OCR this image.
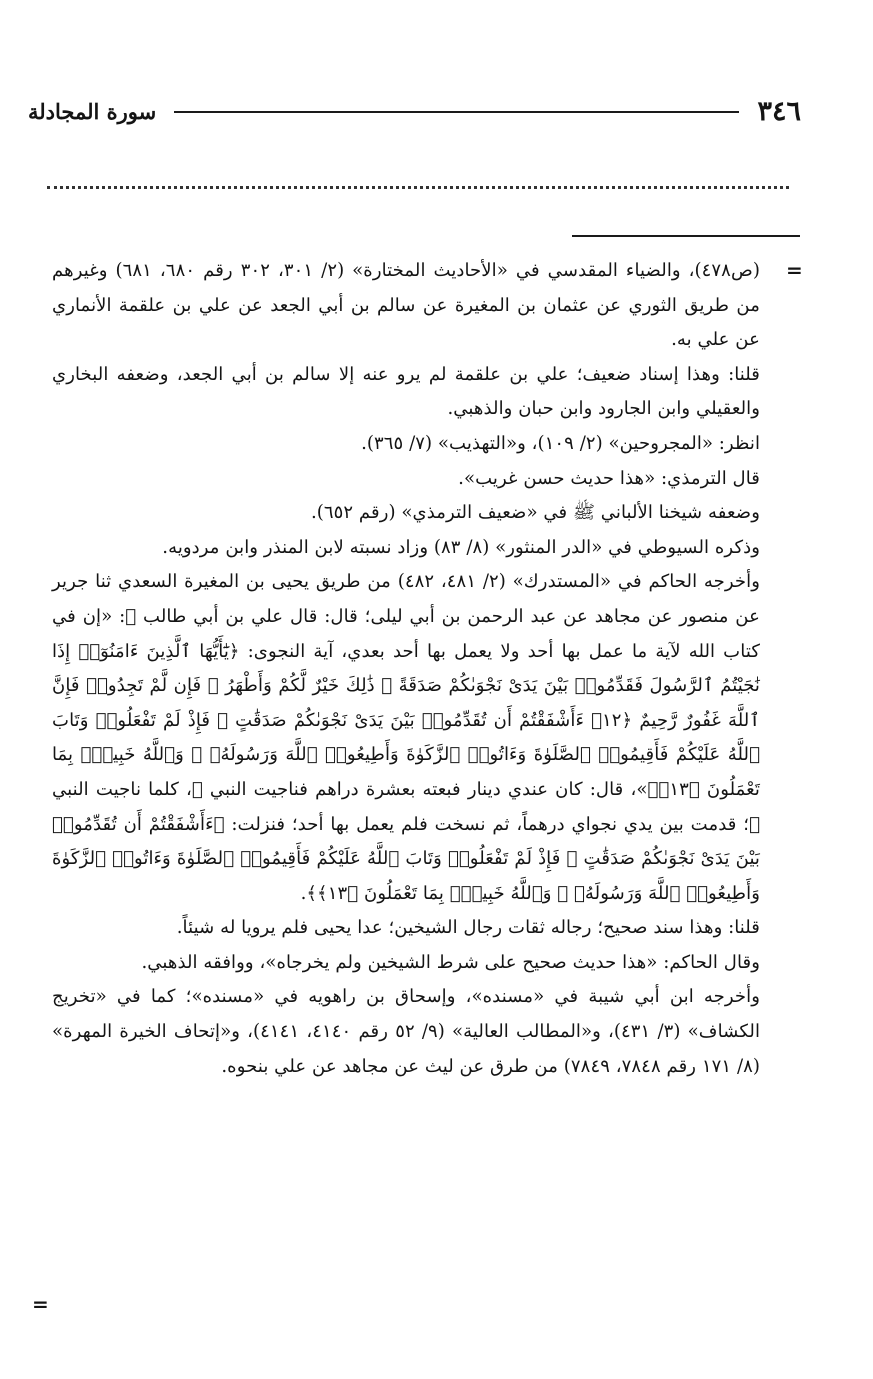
٣٤٦
سورة المجادلة
=

(ص٤٧٨)، والضياء المقدسي في «الأحاديث المختارة» (٢/ ٣٠١، ٣٠٢ رقم ٦٨٠، ٦٨١) وغيرهم من طريق الثوري عن عثمان بن المغيرة عن سالم بن أبي الجعد عن علي بن علقمة الأنماري عن علي به.

قلنا: وهذا إسناد ضعيف؛ علي بن علقمة لم يرو عنه إلا سالم بن أبي الجعد، وضعفه البخاري والعقيلي وابن الجارود وابن حبان والذهبي.

انظر: «المجروحين» (٢/ ١٠٩)، و«التهذيب» (٧/ ٣٦٥).

قال الترمذي: «هذا حديث حسن غريب».

وضعفه شيخنا الألباني ﷺ في «ضعيف الترمذي» (رقم ٦٥٢).

وذكره السيوطي في «الدر المنثور» (٨/ ٨٣) وزاد نسبته لابن المنذر وابن مردويه.

وأخرجه الحاكم في «المستدرك» (٢/ ٤٨١، ٤٨٢) من طريق يحيى بن المغيرة السعدي ثنا جرير عن منصور عن مجاهد عن عبد الرحمن بن أبي ليلى؛ قال: قال علي بن أبي طالب ﷺ: «إن في كتاب الله لآية ما عمل بها أحد ولا يعمل بها أحد بعدي، آية النجوى: ﴿يَٰٓأَيُّهَا ٱلَّذِينَ ءَامَنُوٓا۟ إِذَا نَٰجَيْتُمُ ٱلرَّسُولَ فَقَدِّمُوا۟ بَيْنَ يَدَىْ نَجْوَىٰكُمْ صَدَقَةً ۚ ذَٰلِكَ خَيْرٌ لَّكُمْ وَأَطْهَرُ ۚ فَإِن لَّمْ تَجِدُوا۟ فَإِنَّ ٱللَّهَ غَفُورٌ رَّحِيمٌ ﴿١٢﴾ ءَأَشْفَقْتُمْ أَن تُقَدِّمُوا۟ بَيْنَ يَدَىْ نَجْوَىٰكُمْ صَدَقَٰتٍ ۚ فَإِذْ لَمْ تَفْعَلُوا۟ وَتَابَ ٱللَّهُ عَلَيْكُمْ فَأَقِيمُوا۟ ٱلصَّلَوٰةَ وَءَاتُوا۟ ٱلزَّكَوٰةَ وَأَطِيعُوا۟ ٱللَّهَ وَرَسُولَهُۥ ۚ وَٱللَّهُ خَبِيرٌۢ بِمَا تَعْمَلُونَ ﴿١٣﴾﴾»، قال: كان عندي دينار فبعته بعشرة دراهم فناجيت النبي ﷺ، كلما ناجيت النبي ﷺ؛ قدمت بين يدي نجواي درهماً، ثم نسخت فلم يعمل بها أحد؛ فنزلت: ﴿ءَأَشْفَقْتُمْ أَن تُقَدِّمُوا۟ بَيْنَ يَدَىْ نَجْوَىٰكُمْ صَدَقَٰتٍ ۚ فَإِذْ لَمْ تَفْعَلُوا۟ وَتَابَ ٱللَّهُ عَلَيْكُمْ فَأَقِيمُوا۟ ٱلصَّلَوٰةَ وَءَاتُوا۟ ٱلزَّكَوٰةَ وَأَطِيعُوا۟ ٱللَّهَ وَرَسُولَهُۥ ۚ وَٱللَّهُ خَبِيرٌۢ بِمَا تَعْمَلُونَ ﴿١٣﴾﴾.

قلنا: وهذا سند صحيح؛ رجاله ثقات رجال الشيخين؛ عدا يحيى فلم يرويا له شيئاً.

وقال الحاكم: «هذا حديث صحيح على شرط الشيخين ولم يخرجاه»، ووافقه الذهبي.

وأخرجه ابن أبي شيبة في «مسنده»، وإسحاق بن راهويه في «مسنده»؛ كما في «تخريج الكشاف» (٣/ ٤٣١)، و«المطالب العالية» (٩/ ٥٢ رقم ٤١٤٠، ٤١٤١)، و«إتحاف الخيرة المهرة» (٨/ ١٧١ رقم ٧٨٤٨، ٧٨٤٩) من طرق عن ليث عن مجاهد عن علي بنحوه.

=
